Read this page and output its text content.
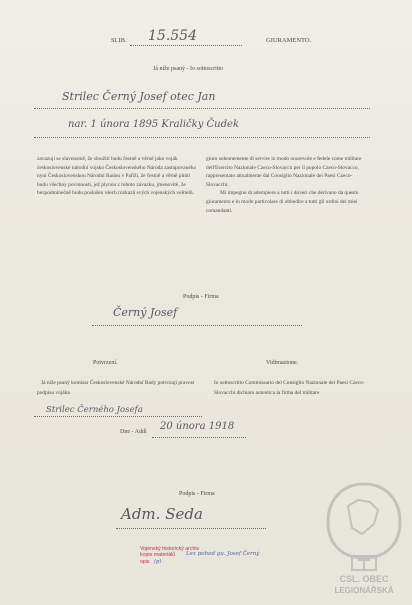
SLIB. 15.554	GIURAMENTO.
Já níže psaný - Io sottoscritto
Strilec Černý Josef otec Jan
nar. 1 února 1895 Kraličky Čudek

zavazuji se slavnostně, že sloužiti budu čestně a věrně jako voják československé národní vojsko Československého Národa zastupovaného nyní Československou Národní Radou v Paříži, že čestně a věrně plniti budu všechny povinnosti, jež plynou z tohoto závazku, jmenovitě, že bezpodmínečně budu poslušen všech rozkazů svých vojenských velitelů.

giuro solennemente di servire in modo onorevole e fedele come militare dell'Esercito Nazionale Czeco-Slovacco per il popolo Czeco-Slovacco, rappresentato attualmente dal Consiglio Nazionale dei Paesi Czeco-Slovacchi.

Mi impegno di adempiere a tutti i doveri che derivano da questo giuramento e in modo particolare di obbedire a tutti gli ordini dei miei comandanti.

Podpis - Firma
Černý Josef
Potvrzení.

Já níže psaný komisar Československé Národní Rady potvrzuji pravost podpisu vojáka

Strilec Černého Josefa
Vidimazione.

Io sottoscritto Commissario del Consiglio Nazionale dei Paesi Czeco-Slovacchi dichiaro autentica la firma del militare

Dne - Addì 20 února 1918
Podpis - Firma
Adm. Seda
Vojenský historický archiv
kopie materiálů Lex pohod gu. Josef Černý
opis (p)
CSL. OBEC
LEGIONÁŘSKÁ
